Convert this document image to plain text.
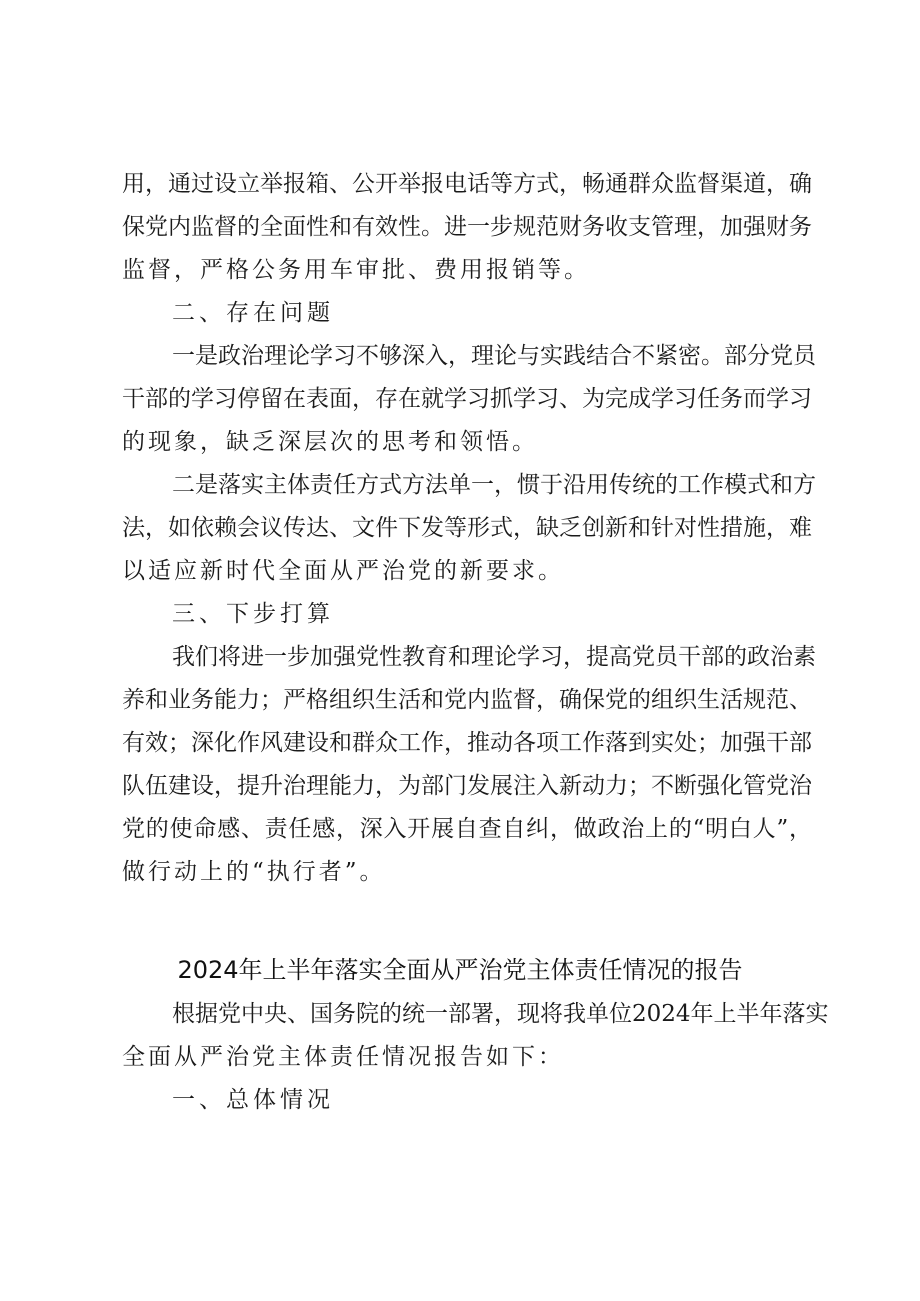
用，通过设立举报箱、公开举报电话等方式，畅通群众监督渠道，确
保党内监督的全面性和有效性。进一步规范财务收支管理，加强财务
监督，严格公务用车审批、费用报销等。
二、存在问题
一是政治理论学习不够深入，理论与实践结合不紧密。部分党员
干部的学习停留在表面，存在就学习抓学习、为完成学习任务而学习
的现象，缺乏深层次的思考和领悟。
二是落实主体责任方式方法单一，惯于沿用传统的工作模式和方
法，如依赖会议传达、文件下发等形式，缺乏创新和针对性措施，难
以适应新时代全面从严治党的新要求。
三、下步打算
我们将进一步加强党性教育和理论学习，提高党员干部的政治素
养和业务能力；严格组织生活和党内监督，确保党的组织生活规范、
有效；深化作风建设和群众工作，推动各项工作落到实处；加强干部
队伍建设，提升治理能力，为部门发展注入新动力；不断强化管党治
党的使命感、责任感，深入开展自查自纠，做政治上的“明白人”，
做行动上的“执行者”。
2024年上半年落实全面从严治党主体责任情况的报告
根据党中央、国务院的统一部署，现将我单位2024年上半年落实
全面从严治党主体责任情况报告如下：
一、总体情况
